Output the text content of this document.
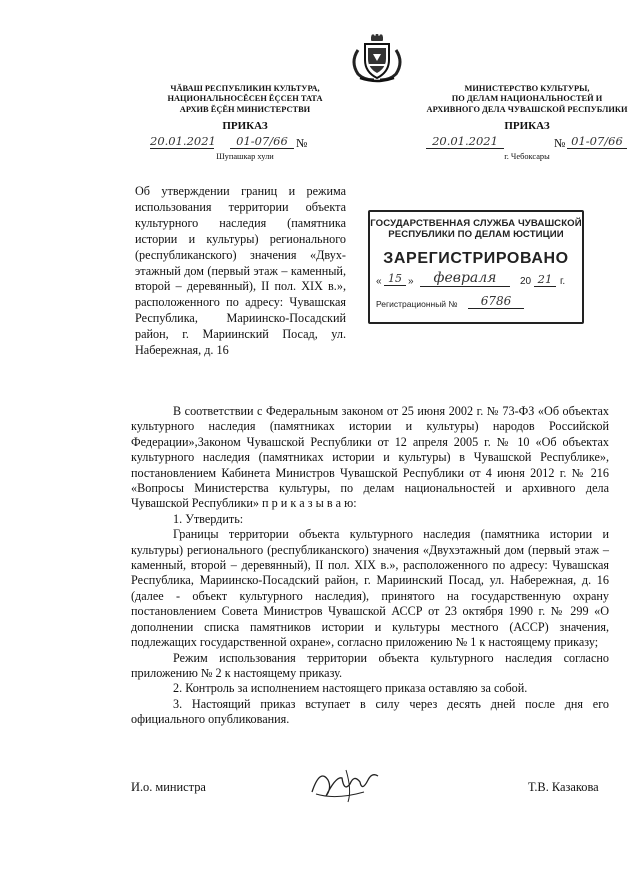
ЧĂВАШ РЕСПУБЛИКИН КУЛЬТУРА,
НАЦИОНАЛЬНОСĔСЕН ĔÇСЕН ТАТА
АРХИВ ĔÇĔН МИНИСТЕРСТВИ
ПРИКАЗ
20.01.2021	01-07/66 №
Шупашкар хули
МИНИСТЕРСТВО КУЛЬТУРЫ,
ПО ДЕЛАМ НАЦИОНАЛЬНОСТЕЙ И
АРХИВНОГО ДЕЛА ЧУВАШСКОЙ РЕСПУБЛИКИ
ПРИКАЗ
20.01.2021	№ 01-07/66
г. Чебоксары
Об утверждении границ и режима использования территории объекта культурного наследия (памятника истории и культуры) регионального (республиканского) значения «Двух-этажный дом (первый этаж – каменный, второй – деревянный), II пол. XIX в.», расположенного по адресу: Чувашская Республика, Мариинско-Посадский район, г. Мариинский Посад, ул. Набережная, д. 16
ГОСУДАРСТВЕННАЯ СЛУЖБА ЧУВАШСКОЙ
РЕСПУБЛИКИ ПО ДЕЛАМ ЮСТИЦИИ
ЗАРЕГИСТРИРОВАНО
« 15 »	февраля	20 21 г.
Регистрационный №	6786

В соответствии с Федеральным законом от 25 июня 2002 г. № 73-ФЗ «Об объектах культурного наследия (памятниках истории и культуры) народов Российской Федерации»,Законом Чувашской Республики от 12 апреля 2005 г. № 10 «Об объектах культурного наследия (памятниках истории и культуры) в Чувашской Республике», постановлением Кабинета Министров Чувашской Республики от 4 июня 2012 г. № 216 «Вопросы Министерства культуры, по делам национальностей и архивного дела Чувашской Республики» п р и к а з ы в а ю:

1. Утвердить:

Границы территории объекта культурного наследия (памятника истории и культуры) регионального (республиканского) значения «Двухэтажный дом (первый этаж – каменный, второй – деревянный), II пол. XIX в.», расположенного по адресу: Чувашская Республика, Мариинско-Посадский район, г. Мариинский Посад, ул. Набережная, д. 16 (далее - объект культурного наследия), принятого на государственную охрану постановлением Совета Министров Чувашской АССР от 23 октября 1990 г. № 299 «О дополнении списка памятников истории и культуры местного (АССР) значения, подлежащих государственной охране», согласно приложению № 1 к настоящему приказу;

Режим использования территории объекта культурного наследия согласно приложению № 2 к настоящему приказу.

2. Контроль за исполнением настоящего приказа оставляю за собой.

3. Настоящий приказ вступает в силу через десять дней после дня его официального опубликования.

И.о. министра	Т.В. Казакова
